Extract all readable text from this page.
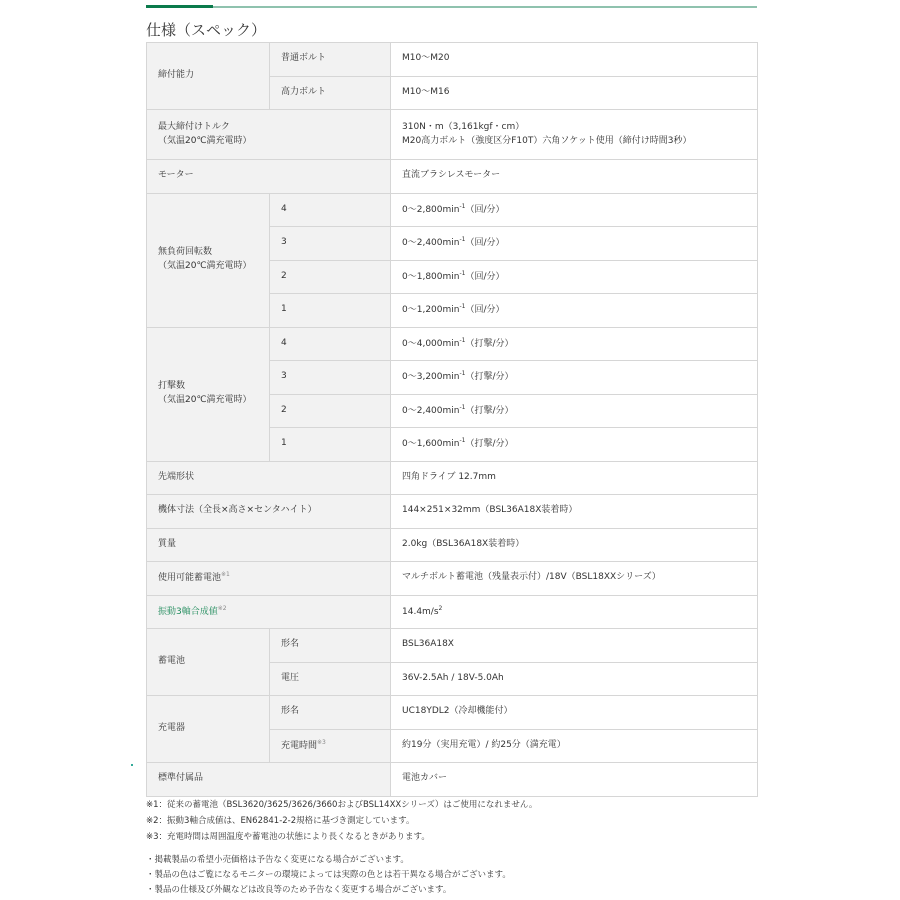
仕様（スペック）
締付能力	普通ボルト	M10～M20
	高力ボルト	M10～M16
最大締付けトルク
（気温20℃満充電時）		310N・m（3,161kgf・cm）
M20高力ボルト（強度区分F10T）六角ソケット使用（締付け時間3秒）
モーター		直流ブラシレスモーター
無負荷回転数
（気温20℃満充電時）	4	$0\sim 2,800\min^{-1}$（回/分）
	3	$0\sim 2,400\min^{-1}$（回/分）
	2	$0\sim 1,800\min^{-1}$（回/分）
	1	$0\sim 1,200\min^{-1}$（回/分）
打撃数
（気温20℃満充電時）	4	$0\sim 4,000\min^{-1}$（打撃/分）
	3	$0\sim 3,200\min^{-1}$（打撃/分）
	2	$0\sim 2,400\min^{-1}$（打撃/分）
	1	$0\sim 1,600\min^{-1}$（打撃/分）
先端形状		四角ドライブ 12.7mm
機体寸法（全長×高さ×センタハイト）		144×251×32mm（BSL36A18X装着時）
質量		2.0kg（BSL36A18X装着時）
使用可能蓄電池$^{※1}$		マルチボルト蓄電池（残量表示付）/18V（BSL18XXシリーズ）
振動3軸合成値$^{※2}$		$14.4m/s^2$
蓄電池	形名	BSL36A18X
	電圧	36V-2.5Ah / 18V-5.0Ah
充電器	形名	UC18YDL2（冷却機能付）
	充電時間$^{※3}$	約19分（実用充電）/ 約25分（満充電）
標準付属品		電池カバー
※1：従来の蓄電池（BSL3620/3625/3626/3660およびBSL14XXシリーズ）はご使用になれません。
※2：振動3軸合成値は、EN62841-2-2規格に基づき測定しています。
※3：充電時間は周囲温度や蓄電池の状態により長くなるときがあります。
・掲載製品の希望小売価格は予告なく変更になる場合がございます。
・製品の色はご覧になるモニターの環境によっては実際の色とは若干異なる場合がございます。
・製品の仕様及び外観などは改良等のため予告なく変更する場合がございます。
